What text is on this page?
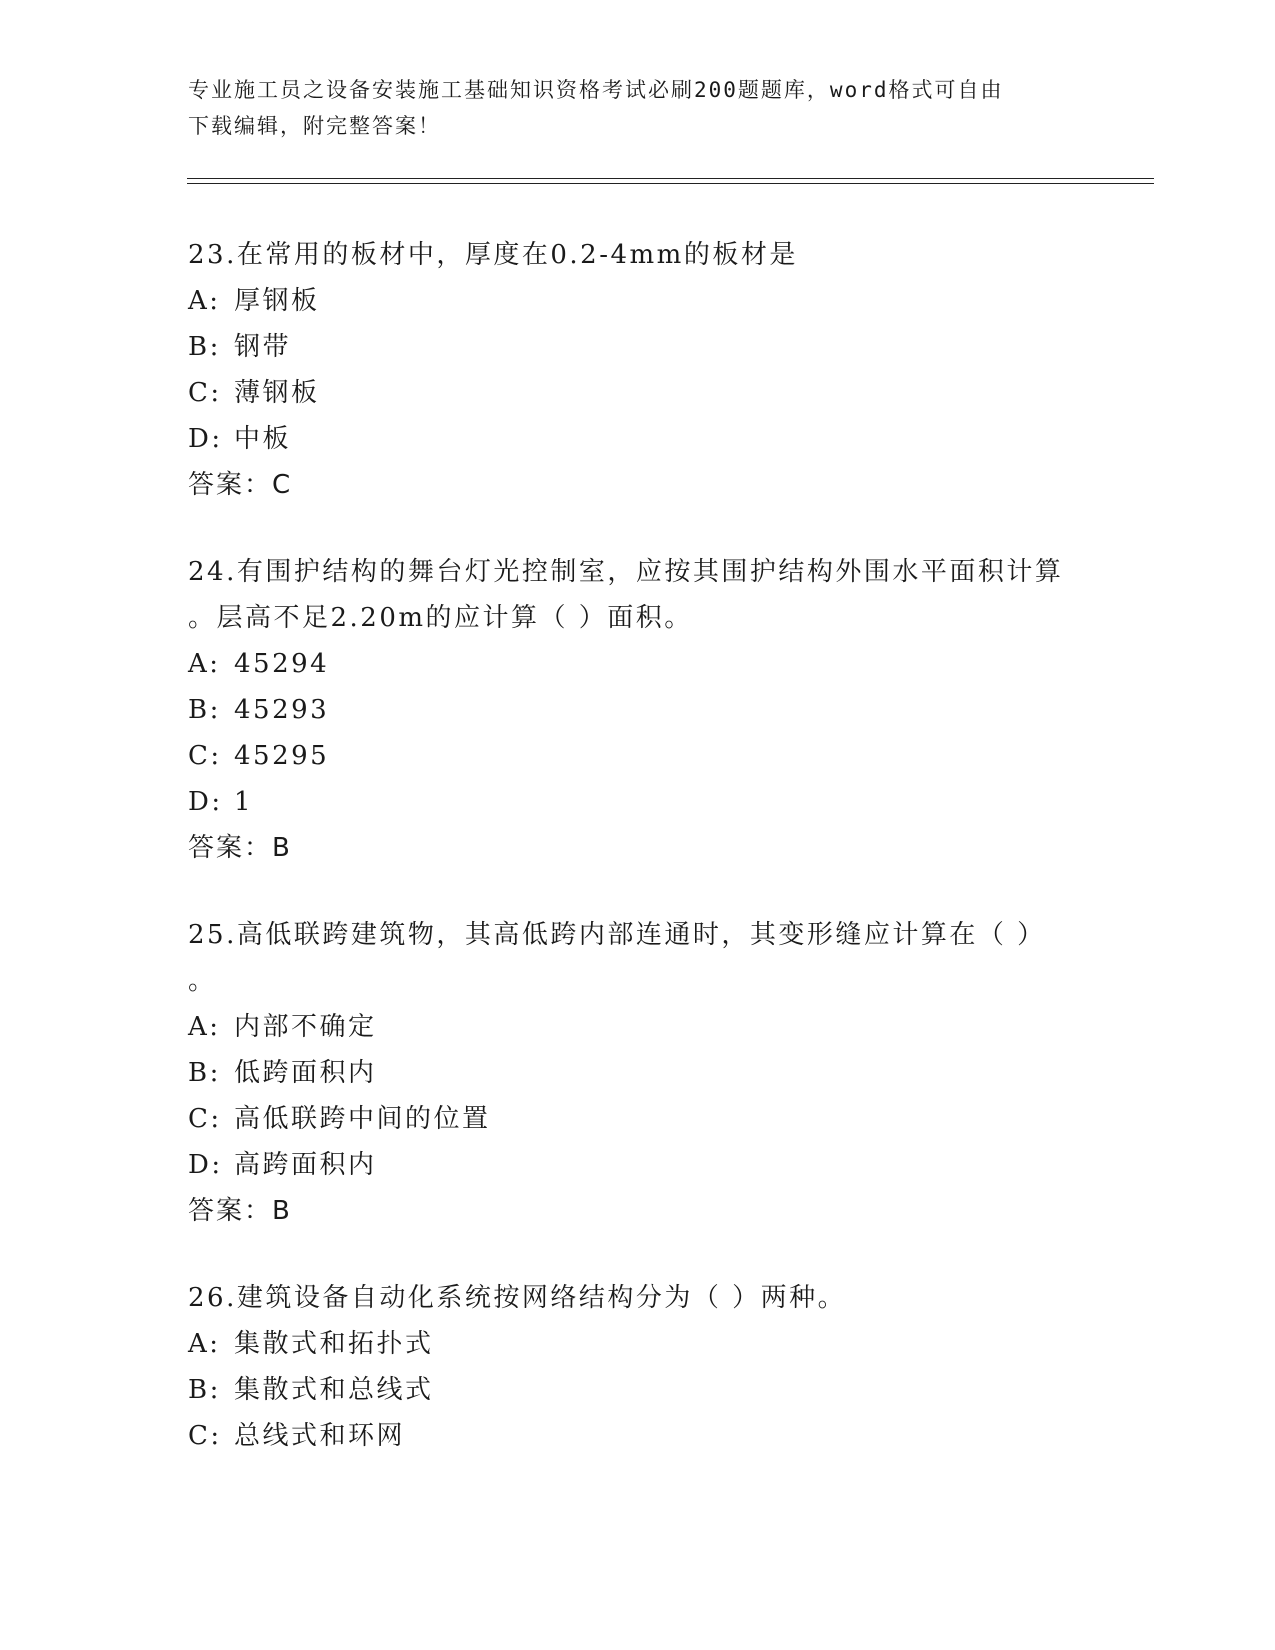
专业施工员之设备安装施工基础知识资格考试必刷200题题库，word格式可自由
下载编辑，附完整答案！
23.在常用的板材中，厚度在0.2-4mm的板材是
A: 厚钢板
B: 钢带
C: 薄钢板
D: 中板
答案：C
24.有围护结构的舞台灯光控制室，应按其围护结构外围水平面积计算
。层高不足2.20m的应计算（ ）面积。
A: 45294
B: 45293
C: 45295
D: 1
答案：B
25.高低联跨建筑物，其高低跨内部连通时，其变形缝应计算在（ ）
。
A: 内部不确定
B: 低跨面积内
C: 高低联跨中间的位置
D: 高跨面积内
答案：B
26.建筑设备自动化系统按网络结构分为（ ）两种。
A: 集散式和拓扑式
B: 集散式和总线式
C: 总线式和环网
